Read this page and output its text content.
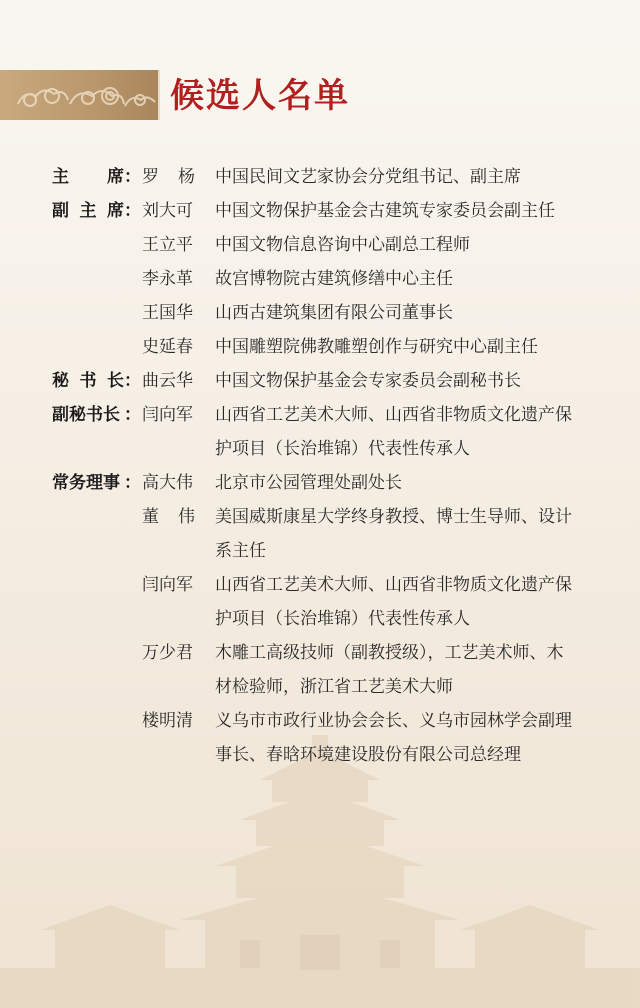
候选人名单
主 席 ： 罗 杨 中国民间文艺家协会分党组书记、副主席
副 主 席 ： 刘大可 中国文物保护基金会古建筑专家委员会副主任
王立平 中国文物信息咨询中心副总工程师
李永革 故宫博物院古建筑修缮中心主任
王国华 山西古建筑集团有限公司董事长
史延春 中国雕塑院佛教雕塑创作与研究中心副主任
秘 书 长 ： 曲云华 中国文物保护基金会专家委员会副秘书长
副秘书长 ： 闫向军 山西省工艺美术大师、山西省非物质文化遗产保
护项目（长治堆锦）代表性传承人
常务理事 ： 高大伟 北京市公园管理处副处长
董 伟 美国威斯康星大学终身教授、博士生导师、设计
系主任
闫向军 山西省工艺美术大师、山西省非物质文化遗产保
护项目（长治堆锦）代表性传承人
万少君 木雕工高级技师（副教授级），工艺美术师、木
材检验师，浙江省工艺美术大师
楼明清 义乌市市政行业协会会长、义乌市园林学会副理
事长、春晗环境建设股份有限公司总经理
